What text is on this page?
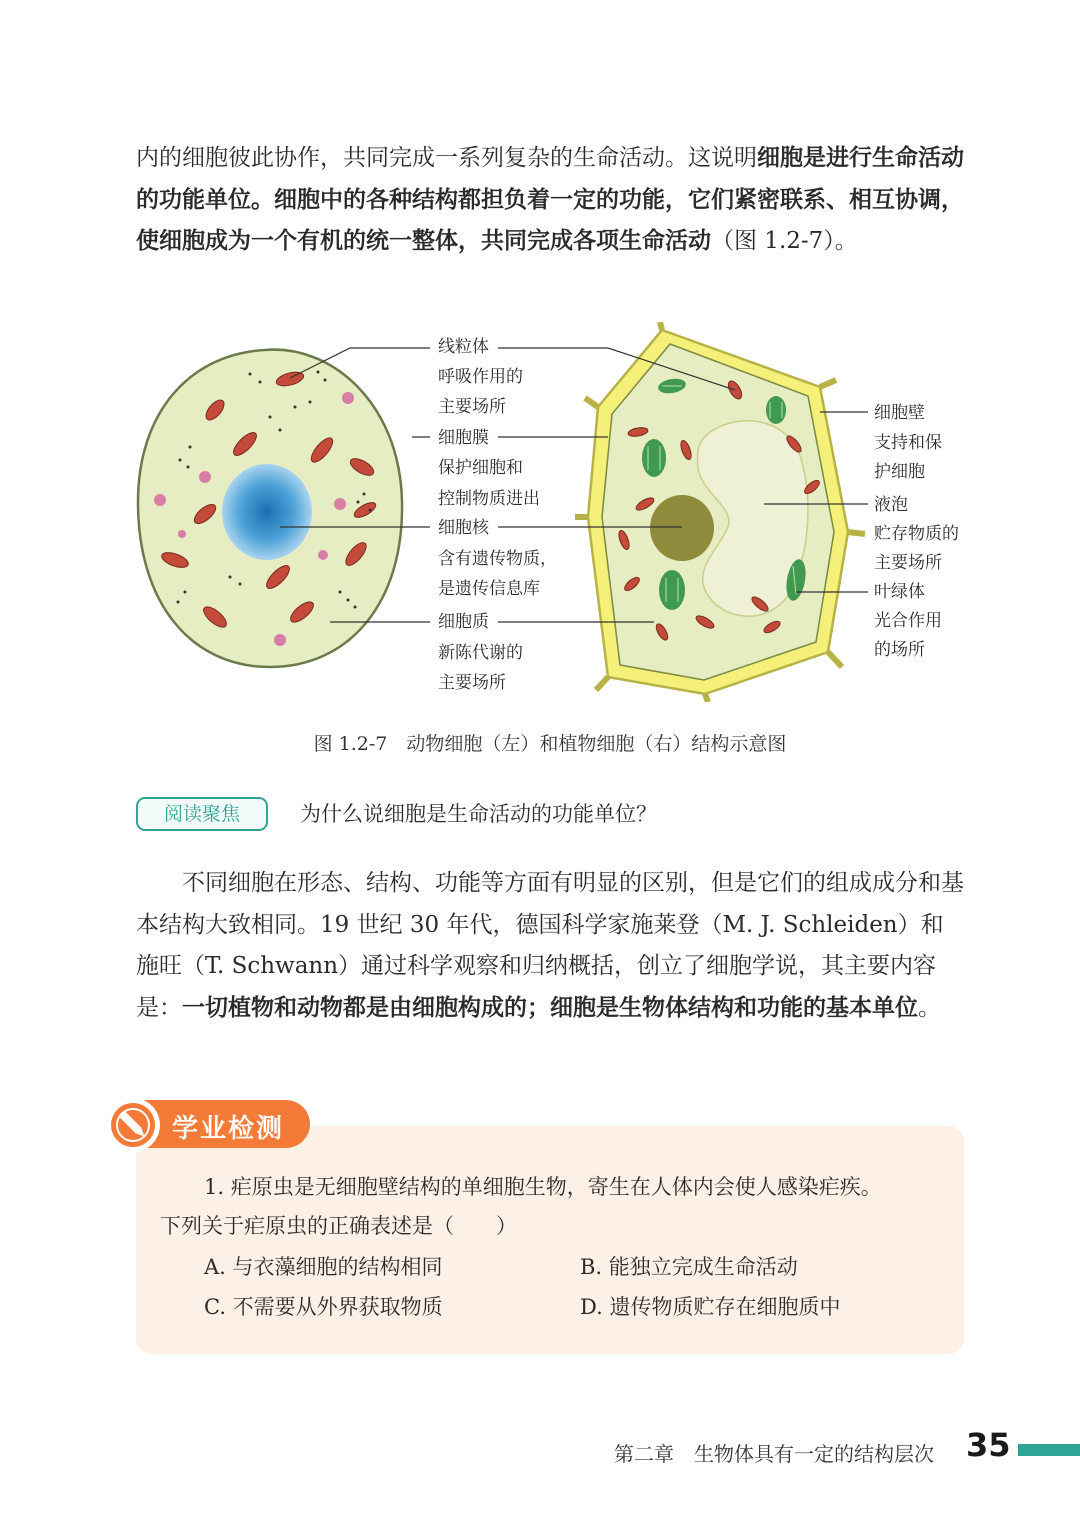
内的细胞彼此协作，共同完成一系列复杂的生命活动。这说明细胞是进行生命活动的功能单位。细胞中的各种结构都担负着一定的功能，它们紧密联系、相互协调，使细胞成为一个有机的统一整体，共同完成各项生命活动（图 1.2-7）。

线粒体
呼吸作用的
主要场所
细胞膜
保护细胞和
控制物质进出
细胞核
含有遗传物质，
是遗传信息库
细胞质
新陈代谢的
主要场所
细胞壁
支持和保
护细胞
液泡
贮存物质的
主要场所
叶绿体
光合作用
的场所
图 1.2-7　动物细胞（左）和植物细胞（右）结构示意图
阅读聚焦	为什么说细胞是生命活动的功能单位？

不同细胞在形态、结构、功能等方面有明显的区别，但是它们的组成成分和基本结构大致相同。19 世纪 30 年代，德国科学家施莱登（M. J. Schleiden）和施旺（T. Schwann）通过科学观察和归纳概括，创立了细胞学说，其主要内容是：一切植物和动物都是由细胞构成的；细胞是生物体结构和功能的基本单位。

学业检测

1. 疟原虫是无细胞壁结构的单细胞生物，寄生在人体内会使人感染疟疾。

下列关于疟原虫的正确表述是（　　）

A. 与衣藻细胞的结构相同	B. 能独立完成生命活动
C. 不需要从外界获取物质	D. 遗传物质贮存在细胞质中
第二章　生物体具有一定的结构层次 35
